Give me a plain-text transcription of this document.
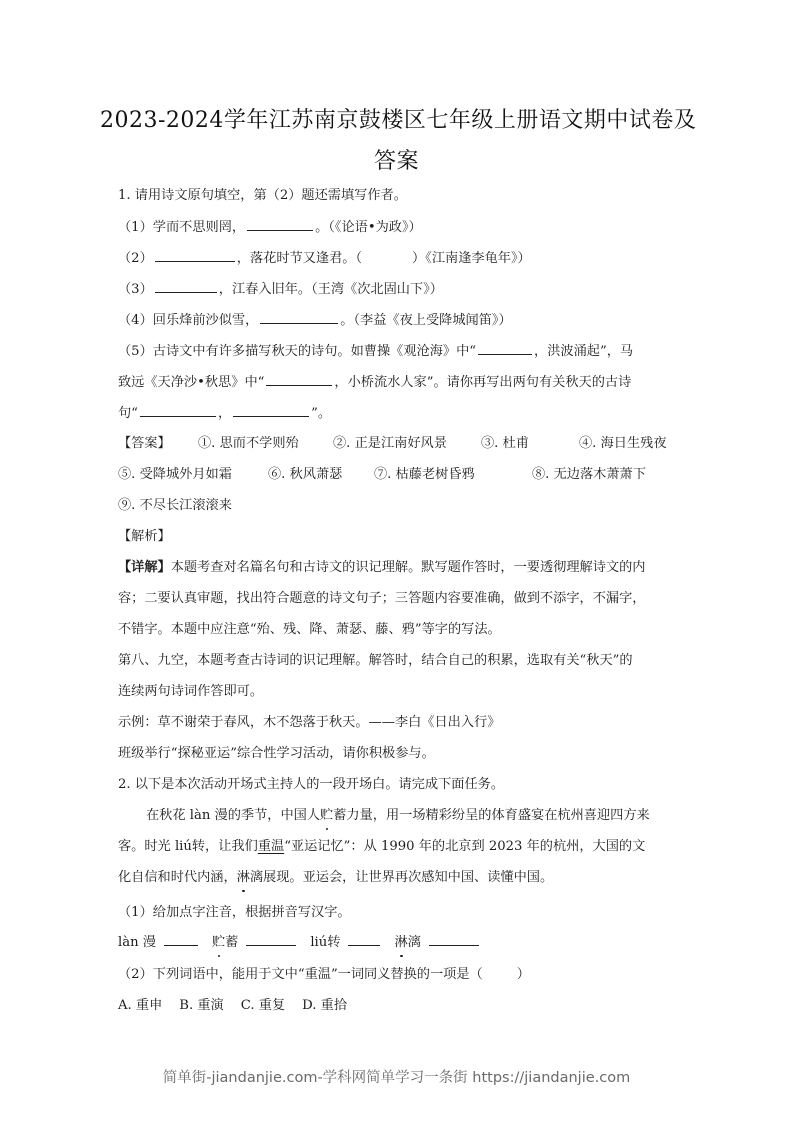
2023-2024学年江苏南京鼓楼区七年级上册语文期中试卷及
答案
1. 请用诗文原句填空，第（2）题还需填写作者。
（1）学而不思则罔，	。（《论语•为政》）
（2）	，落花时节又逢君。（	）《江南逢李龟年》）
（3）	，江春入旧年。（王湾《次北固山下》）
（4）回乐烽前沙似雪，	。（李益《夜上受降城闻笛》）
（5）古诗文中有许多描写秋天的诗句。如曹操《观沧海》中“	，洪波涌起”，马
致远《天净沙•秋思》中“	，小桥流水人家”。请你再写出两句有关秋天的古诗
句“	，	”。
【答案】 ①. 思而不学则殆	②. 正是江南好风景	③. 杜甫	④. 海日生残夜
⑤. 受降城外月如霜	⑥. 秋风萧瑟 ⑦. 枯藤老树昏鸦	⑧. 无边落木萧萧下
⑨. 不尽长江滚滚来
【解析】
【详解】本题考查对名篇名句和古诗文的识记理解。默写题作答时，一要透彻理解诗文的内
容；二要认真审题，找出符合题意的诗文句子；三答题内容要准确，做到不添字，不漏字，
不错字。本题中应注意“殆、残、降、萧瑟、藤、鸦”等字的写法。
第八、九空，本题考查古诗词的识记理解。解答时，结合自己的积累，选取有关“秋天”的
连续两句诗词作答即可。
示例：草不谢荣于春风，木不怨落于秋天。——李白《日出入行》
班级举行“探秘亚运”综合性学习活动，请你积极参与。
2. 以下是本次活动开场式主持人的一段开场白。请完成下面任务。
在秋花 làn 漫的季节，中国人贮蓄力量，用一场精彩纷呈的体育盛宴在杭州喜迎四方来
客。时光 liú转，让我们重温“亚运记忆”：从 1990 年的北京到 2023 年的杭州，大国的文
化自信和时代内涵，淋漓展现。亚运会，让世界再次感知中国、读懂中国。
（1）给加点字注音，根据拼音写汉字。
làn 漫	贮蓄	liú转	淋漓
（2）下列词语中，能用于文中“重温”一词同义替换的一项是（	）
A. 重申 B. 重演 C. 重复 D. 重拾
简单街-jiandanjie.com-学科网简单学习一条街 https://jiandanjie.com
